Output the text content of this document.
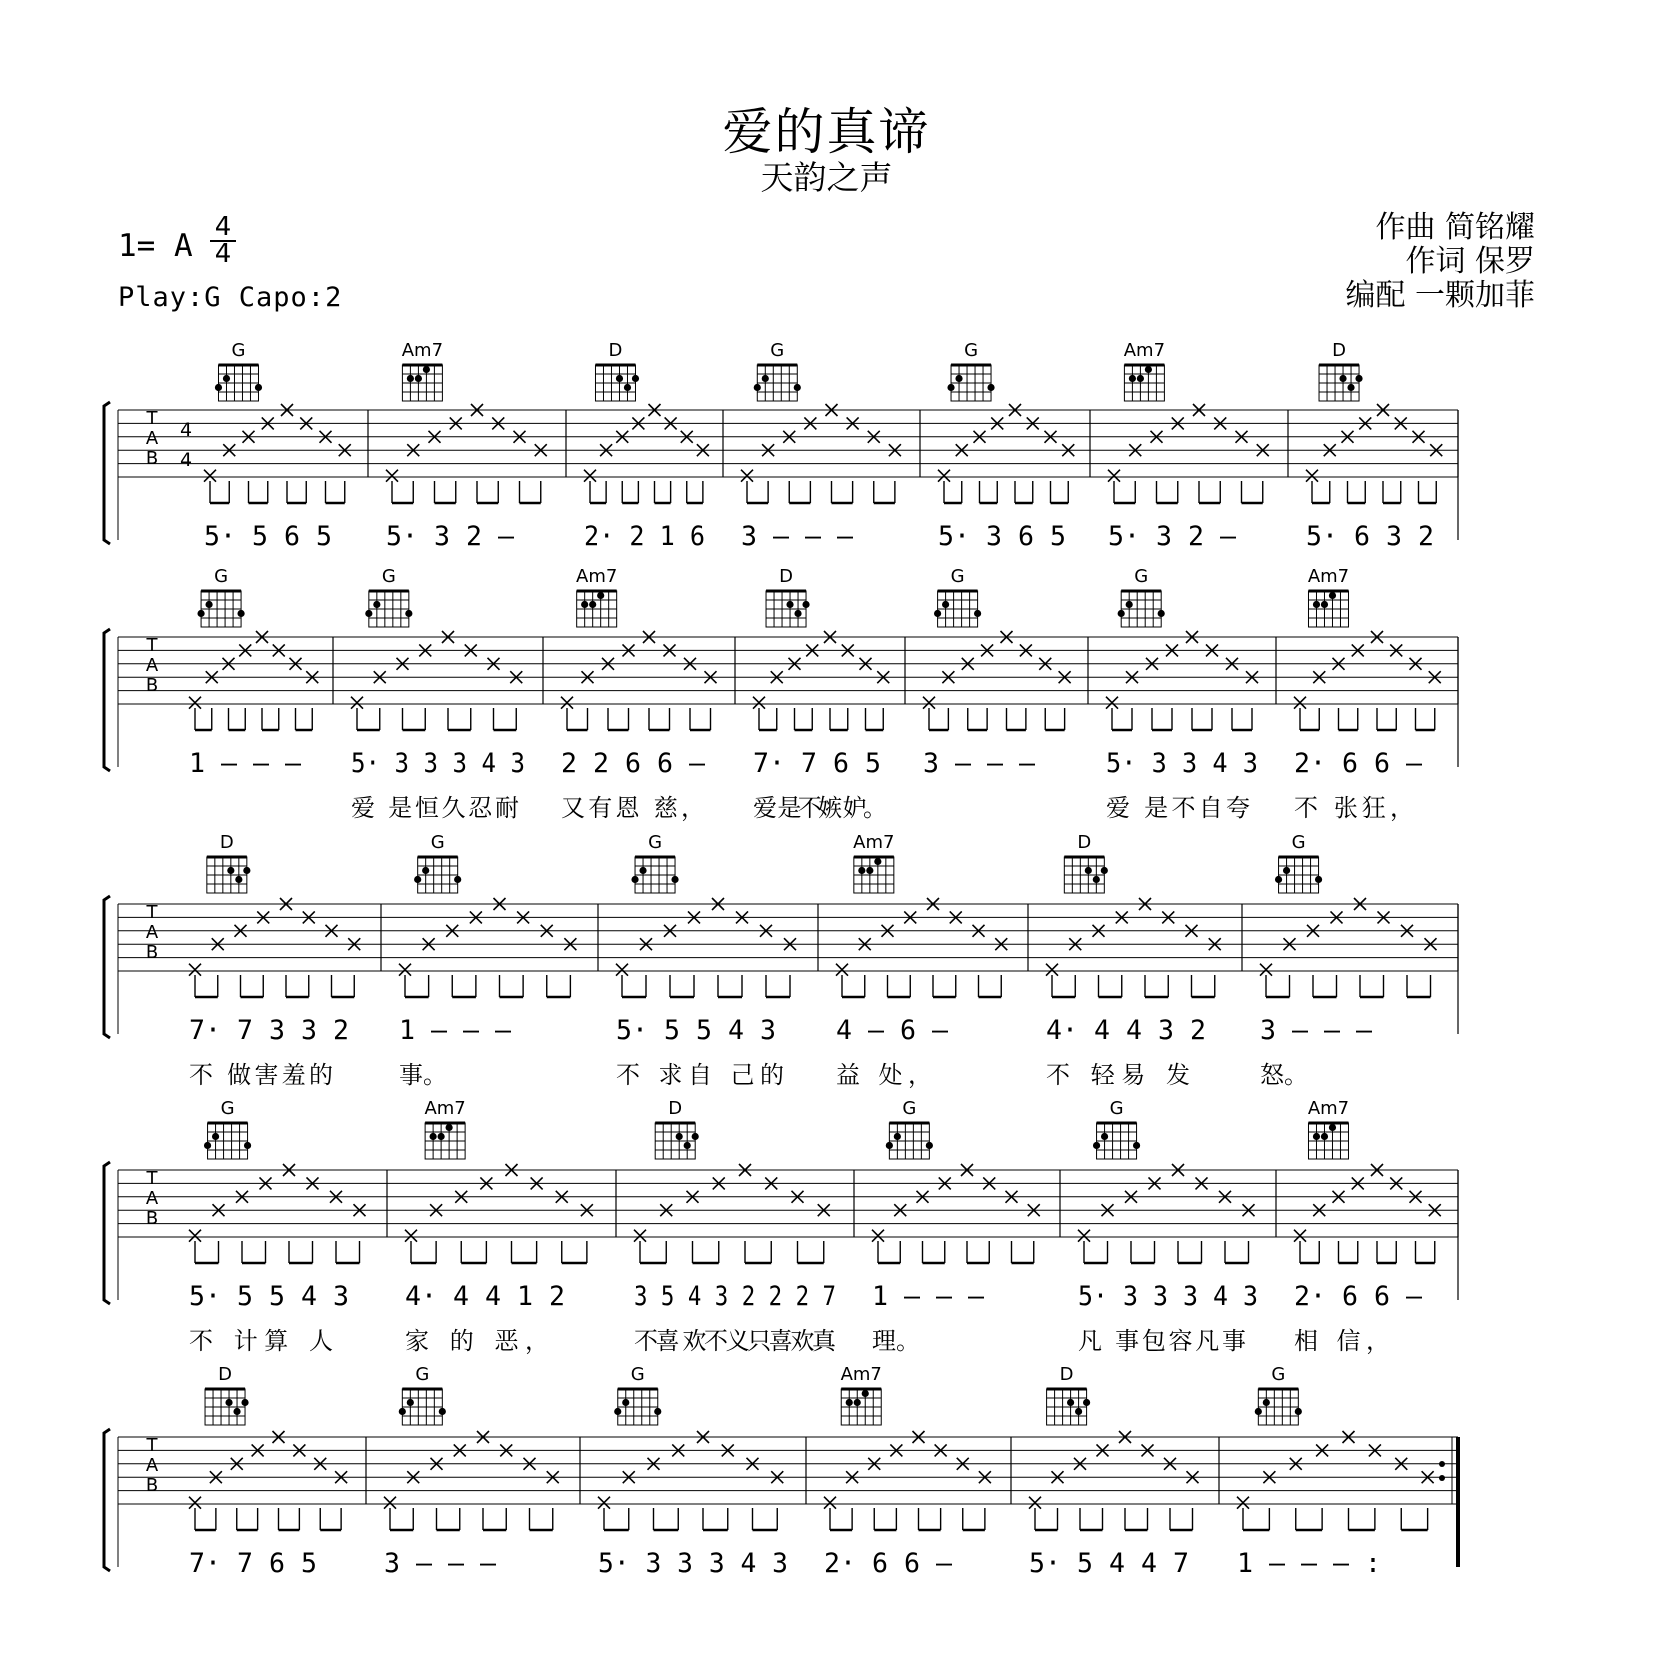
爱的真谛
天韵之声
1= A
4
4
Play:G Capo:2
作曲 简铭耀
作词 保罗
编配 一颗加菲
T
A
B
4
4
G
5· 5 6 5
Am7
5· 3 2 –
D
2· 2 1 6
G
3 – – –
G
5· 3 6 5
Am7
5· 3 2 –
D
5· 6 3 2
T
A
B
G
1 – – –
G
5· 3 3 3 4 3
爱 是恒久忍耐
Am7
2 2 6 6 –
又有恩 慈，
D
7· 7 6 5
爱 是不嫉 妒。
G
3 – – –
G
5· 3 3 4 3
爱 是不自夸
Am7
2· 6 6 –
不 张狂，
T
A
B
D
7· 7 3 3 2
不 做害羞的
G
1 – – –
事。
G
5· 5 5 4 3
不 求自 己的
Am7
4 – 6 –
益 处，
D
4· 4 4 3 2
不 轻易 发
G
3 – – –
怒。
T
A
B
G
5· 5 5 4 3
不 计算 人
Am7
4· 4 4 1 2
家 的 恶，
D
3 5 4 3 2 2 2 7
不喜 欢不义只喜欢真
G
1 – – –
理。
G
5· 3 3 3 4 3
凡 事包容凡事
Am7
2· 6 6 –
相 信，
T
A
B
D
7· 7 6 5
G
3 – – –
G
5· 3 3 3 4 3
Am7
2· 6 6 –
D
5· 5 4 4 7
G
1 – – – :
